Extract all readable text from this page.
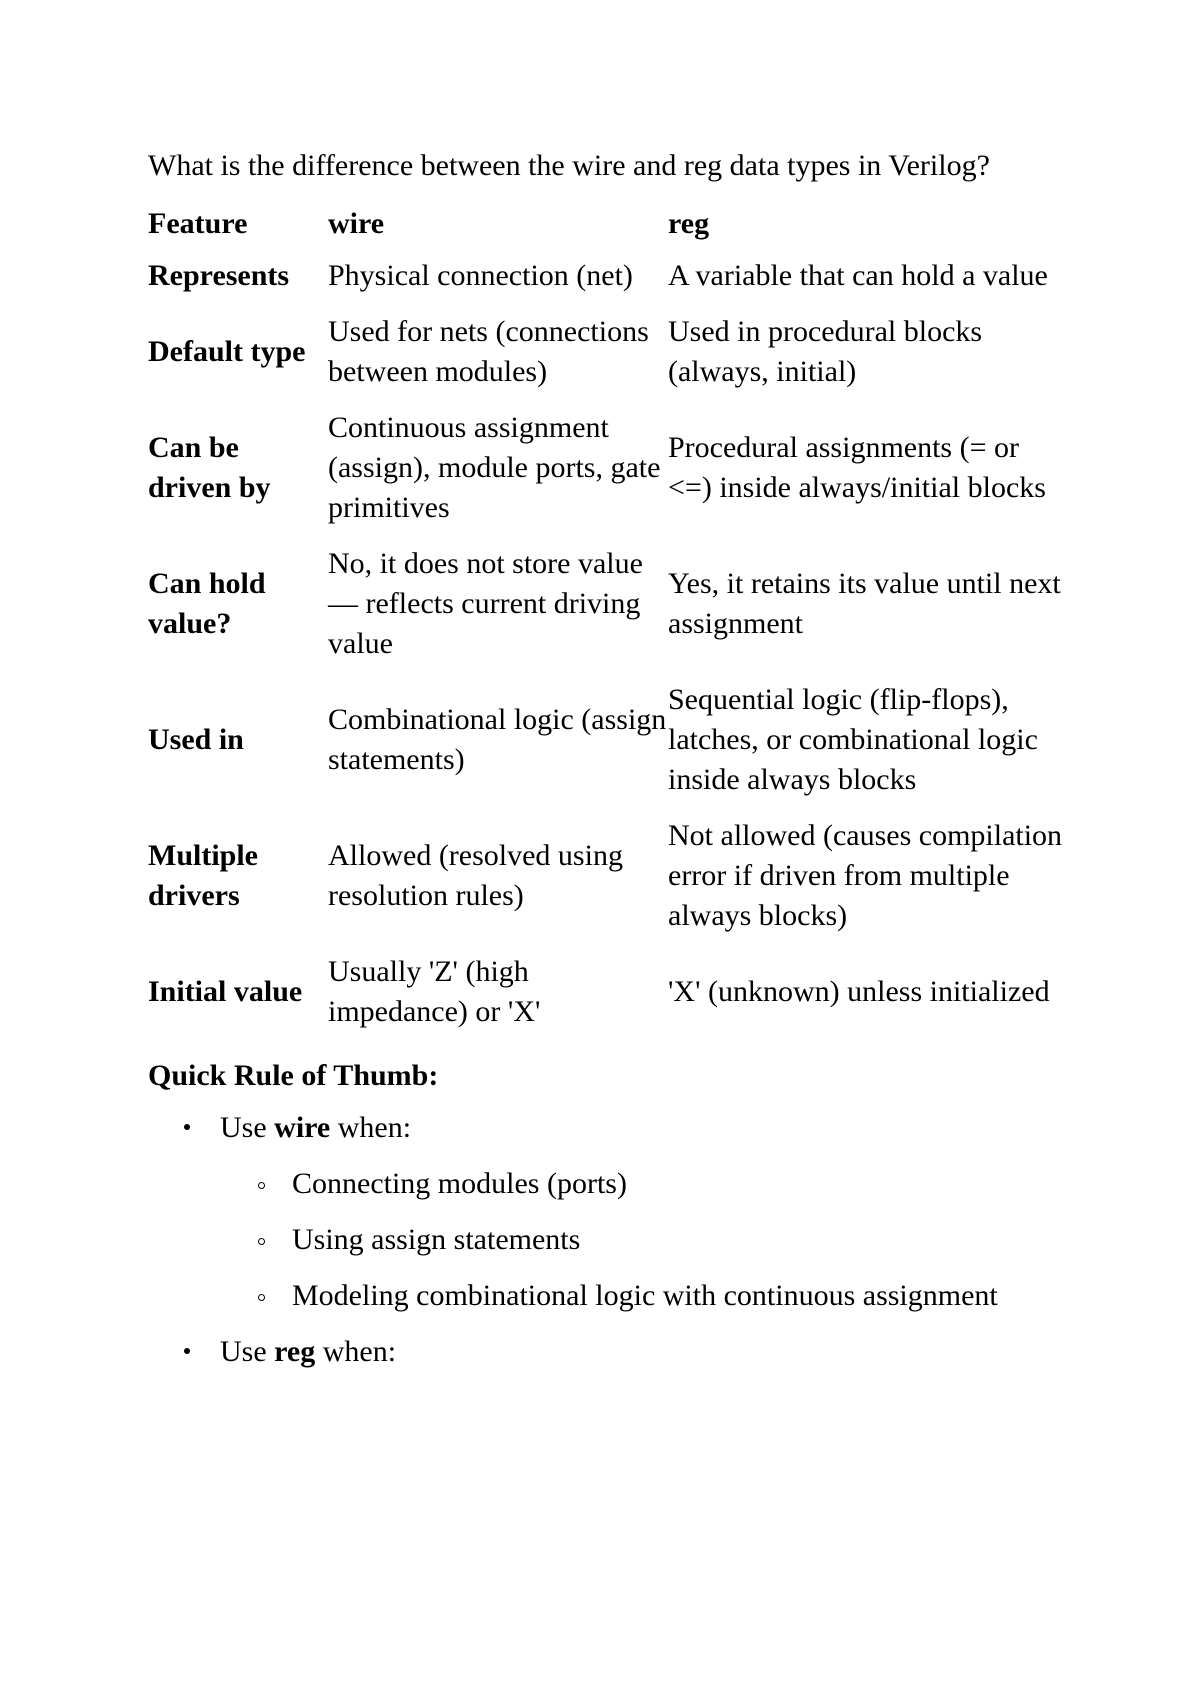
What is the difference between the wire and reg data types in Verilog?
Feature	wire	reg
Represents	Physical connection (net)	A variable that can hold a value
Default type	Used for nets (connections between modules)	Used in procedural blocks (always, initial)
Can be driven by	Continuous assignment (assign), module ports, gate primitives	Procedural assignments (= or <=) inside always/initial blocks
Can hold value?	No, it does not store value — reflects current driving value	Yes, it retains its value until next assignment
Used in	Combinational logic (assign statements)	Sequential logic (flip-flops), latches, or combinational logic inside always blocks
Multiple drivers	Allowed (resolved using resolution rules)	Not allowed (causes compilation error if driven from multiple always blocks)
Initial value	Usually 'Z' (high impedance) or 'X'	'X' (unknown) unless initialized
Quick Rule of Thumb:
Use wire when:
Connecting modules (ports)
Using assign statements
Modeling combinational logic with continuous assignment
Use reg when:
